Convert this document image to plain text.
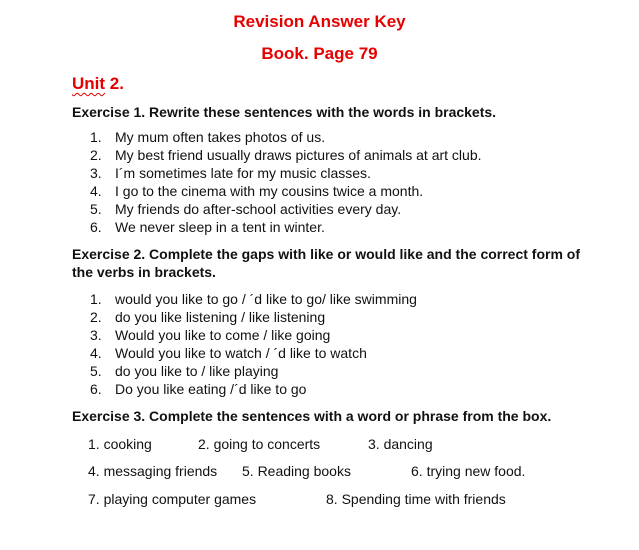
Revision Answer Key
Book. Page 79
Unit 2.
Exercise 1. Rewrite these sentences with the words in brackets.
1. My mum often takes photos of us.
2. My best friend usually draws pictures of animals at art club.
3. I´m sometimes late for my music classes.
4. I go to the cinema with my cousins twice a month.
5. My friends do after-school activities every day.
6. We never sleep in a tent in winter.
Exercise 2. Complete the gaps with like or would like and the correct form of the verbs in brackets.
1. would you like to go / ´d like to go/ like swimming
2. do you like listening / like listening
3. Would you like to come / like going
4. Would you like to watch / ´d like to watch
5. do you like to / like playing
6. Do you like eating /´d like to go
Exercise 3. Complete the sentences with a word or phrase from the box.
1. cooking	2. going to concerts	3. dancing
4. messaging friends 5. Reading books	6. trying new food.
7. playing computer games	8. Spending time with friends
